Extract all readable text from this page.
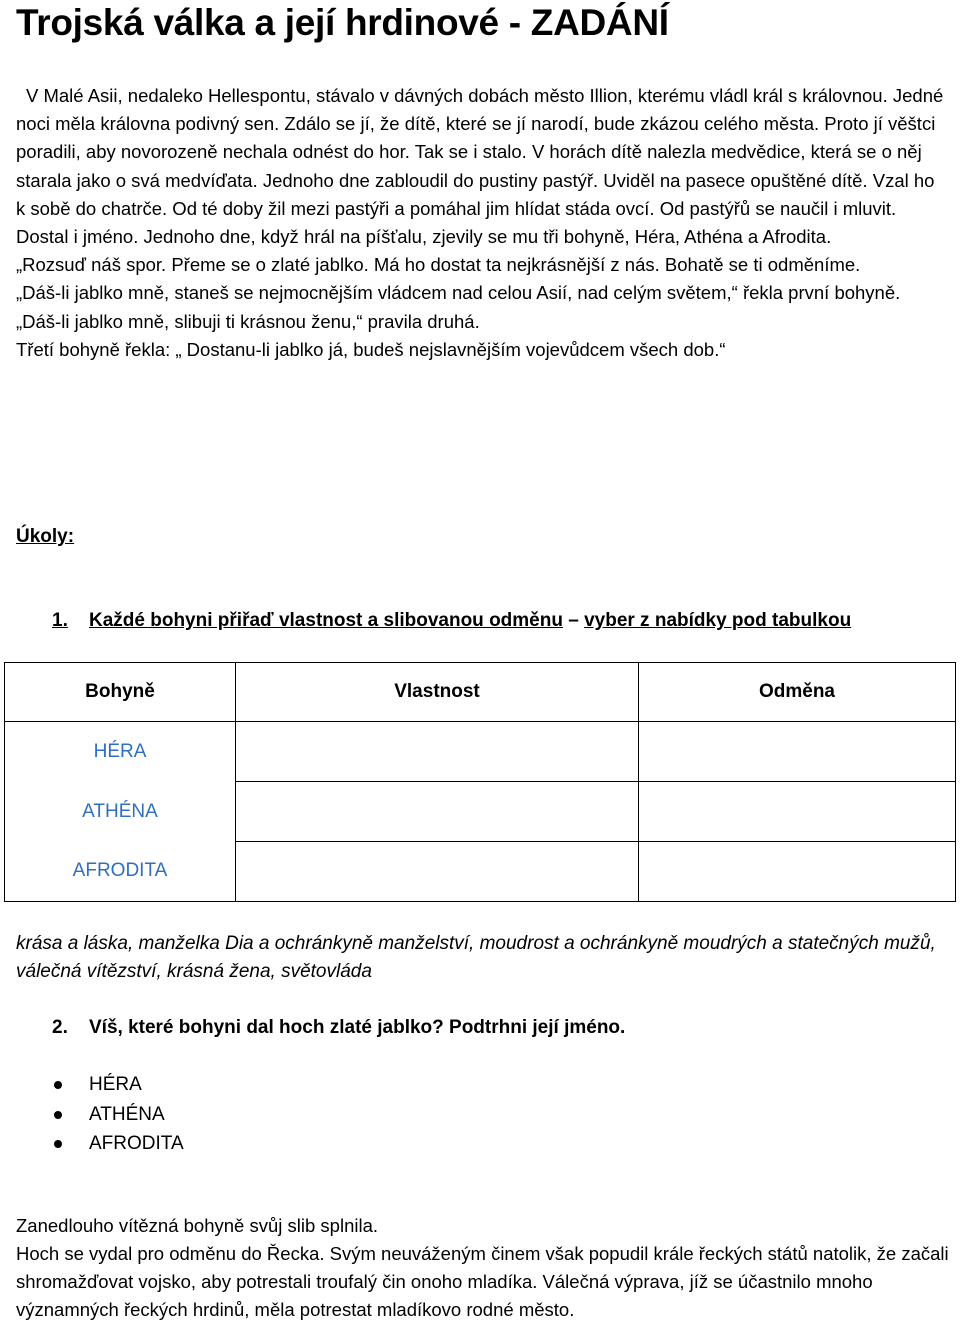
Trojská válka a její hrdinové - ZADÁNÍ

V Malé Asii, nedaleko Hellespontu, stávalo v dávných dobách město Illion, kterému vládl král s královnou. Jedné noci měla královna podivný sen. Zdálo se jí, že dítě, které se jí narodí, bude zkázou celého města. Proto jí věštci poradili, aby novorozeně nechala odnést do hor. Tak se i stalo. V horách dítě nalezla medvědice, která se o něj starala jako o svá medvíďata. Jednoho dne zabloudil do pustiny pastýř. Uviděl na pasece opuštěné dítě. Vzal ho k sobě do chatrče. Od té doby žil mezi pastýři a pomáhal jim hlídat stáda ovcí. Od pastýřů se naučil i mluvit. Dostal i jméno. Jednoho dne, když hrál na píšťalu, zjevily se mu tři bohyně, Héra, Athéna a Afrodita.

„Rozsuď náš spor. Přeme se o zlaté jablko. Má ho dostat ta nejkrásnější z nás. Bohatě se ti odměníme.

„Dáš-li jablko mně, staneš se nejmocnějším vládcem nad celou Asií, nad celým světem,“ řekla první bohyně.

„Dáš-li jablko mně, slibuji ti krásnou ženu,“ pravila druhá.

Třetí bohyně řekla: „ Dostanu-li jablko já, budeš nejslavnějším vojevůdcem všech dob.“

Úkoly:

1. Každé bohyni přiřaď vlastnost a slibovanou odměnu – vyber z nabídky pod tabulkou

Bohyně	Vlastnost	Odměna
HÉRA		
ATHÉNA		
AFRODITA		

krása a láska, manželka Dia a ochránkyně manželství, moudrost a ochránkyně moudrých a statečných mužů, válečná vítězství, krásná žena, světovláda

2. Víš, které bohyni dal hoch zlaté jablko? Podtrhni její jméno.

HÉRA
ATHÉNA
AFRODITA

Zanedlouho vítězná bohyně svůj slib splnila.

Hoch se vydal pro odměnu do Řecka. Svým neuváženým činem však popudil krále řeckých států natolik, že začali shromažďovat vojsko, aby potrestali troufalý čin onoho mladíka. Válečná výprava, jíž se účastnilo mnoho významných řeckých hrdinů, měla potrestat mladíkovo rodné město.
